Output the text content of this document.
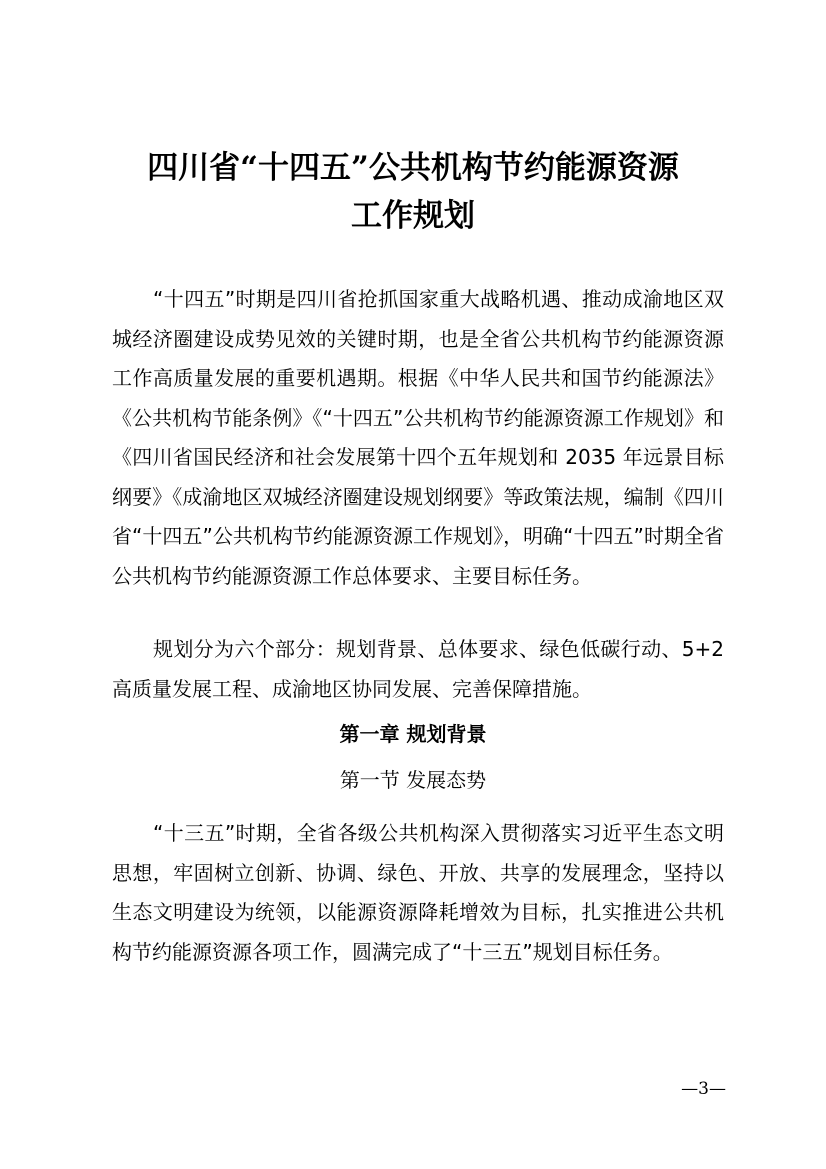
四川省“十四五”公共机构节约能源资源
工作规划

“十四五”时期是四川省抢抓国家重大战略机遇、推动成渝地区双城经济圈建设成势见效的关键时期，也是全省公共机构节约能源资源工作高质量发展的重要机遇期。根据《中华人民共和国节约能源法》《公共机构节能条例》《“十四五”公共机构节约能源资源工作规划》和《四川省国民经济和社会发展第十四个五年规划和 2035 年远景目标纲要》《成渝地区双城经济圈建设规划纲要》等政策法规，编制《四川省“十四五”公共机构节约能源资源工作规划》，明确“十四五”时期全省公共机构节约能源资源工作总体要求、主要目标任务。

规划分为六个部分：规划背景、总体要求、绿色低碳行动、5+2 高质量发展工程、成渝地区协同发展、完善保障措施。

第一章 规划背景
第一节 发展态势

“十三五”时期，全省各级公共机构深入贯彻落实习近平生态文明思想，牢固树立创新、协调、绿色、开放、共享的发展理念，坚持以生态文明建设为统领，以能源资源降耗增效为目标，扎实推进公共机构节约能源资源各项工作，圆满完成了“十三五”规划目标任务。

—3—
